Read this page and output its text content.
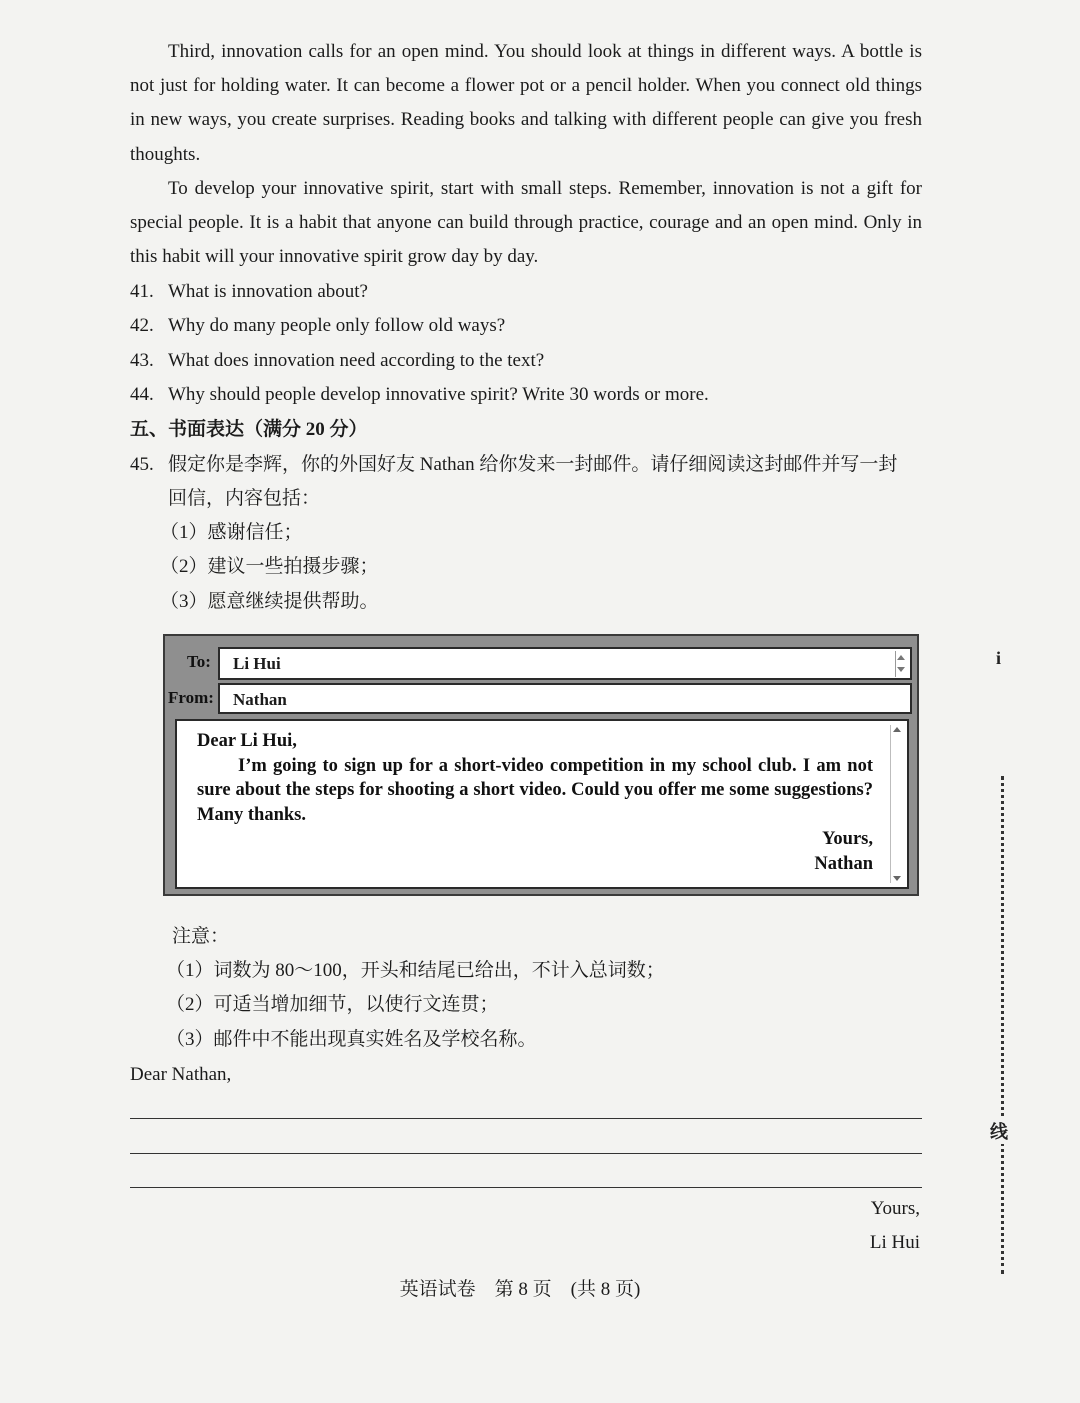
Third, innovation calls for an open mind. You should look at things in different ways. A bottle is not just for holding water. It can become a flower pot or a pencil holder. When you connect old things in new ways, you create surprises. Reading books and talking with different people can give you fresh thoughts.

To develop your innovative spirit, start with small steps. Remember, innovation is not a gift for special people. It is a habit that anyone can build through practice, courage and an open mind. Only in this habit will your innovative spirit grow day by day.

41. What is innovation about?
42. Why do many people only follow old ways?
43. What does innovation need according to the text?
44. Why should people develop innovative spirit? Write 30 words or more.
五、书面表达（满分 20 分）
45. 假定你是李辉，你的外国好友 Nathan 给你发来一封邮件。请仔细阅读这封邮件并写一封
回信，内容包括：
（1）感谢信任；
（2）建议一些拍摄步骤；
（3）愿意继续提供帮助。
To:	Li Hui
From:	Nathan

Dear Li Hui,

I’m going to sign up for a short-video competition in my school club. I am not sure about the steps for shooting a short video. Could you offer me some suggestions? Many thanks.

Yours,

Nathan

注意：
（1）词数为 80～100，开头和结尾已给出，不计入总词数；
（2）可适当增加细节，以使行文连贯；
（3）邮件中不能出现真实姓名及学校名称。
Dear Nathan,
Yours,
Li Hui
i
线
英语试卷　第 8 页　(共 8 页)
